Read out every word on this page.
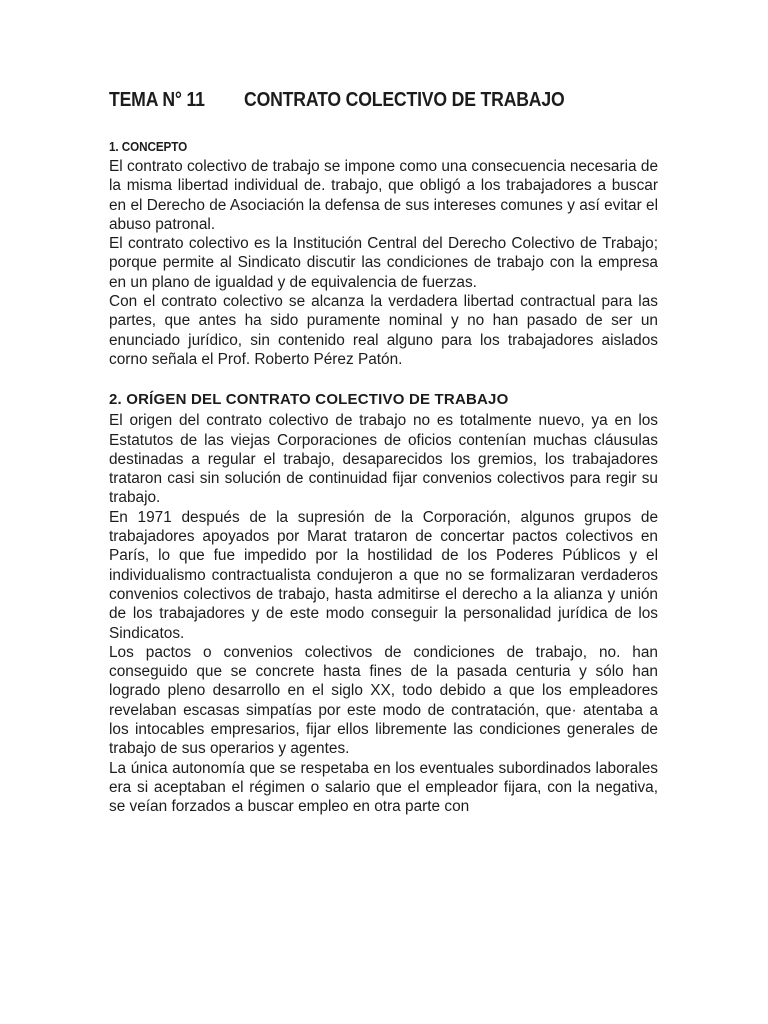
TEMA N° 11	CONTRATO COLECTIVO DE TRABAJO
1. CONCEPTO

El contrato colectivo de trabajo se impone como una consecuencia necesaria de la misma libertad individual de. trabajo, que obligó a los trabajadores a buscar en el Derecho de Asociación la defensa de sus intereses comunes y así evitar el abuso patronal.

El contrato colectivo es la Institución Central del Derecho Colectivo de Trabajo; porque permite al Sindicato discutir las condiciones de trabajo con la empresa en un plano de igualdad y de equivalencia de fuerzas.

Con el contrato colectivo se alcanza la verdadera libertad contractual para las partes, que antes ha sido puramente nominal y no han pasado de ser un enunciado jurídico, sin contenido real alguno para los trabajadores aislados corno señala el Prof. Roberto Pérez Patón.

2. ORÍGEN DEL CONTRATO COLECTIVO DE TRABAJO

El origen del contrato colectivo de trabajo no es totalmente nuevo, ya en los Estatutos de las viejas Corporaciones de oficios contenían muchas cláusulas destinadas a regular el trabajo, desaparecidos los gremios, los trabajadores trataron casi sin solución de continuidad fijar convenios colectivos para regir su trabajo.

En 1971 después de la supresión de la Corporación, algunos grupos de trabajadores apoyados por Marat trataron de concertar pactos colectivos en París, lo que fue impedido por la hostilidad de los Poderes Públicos y el individualismo contractualista condujeron a que no se formalizaran verdaderos convenios colectivos de trabajo, hasta admitirse el derecho a la alianza y unión de los trabajadores y de este modo conseguir la personalidad jurídica de los Sindicatos.

Los pactos o convenios colectivos de condiciones de trabajo, no. han conseguido que se concrete hasta fines de la pasada centuria y sólo han logrado pleno desarrollo en el siglo XX, todo debido a que los empleadores revelaban escasas simpatías por este modo de contratación, que· atentaba a los intocables empresarios, fijar ellos libremente las condiciones generales de trabajo de sus operarios y agentes.

La única autonomía que se respetaba en los eventuales subordinados laborales era si aceptaban el régimen o salario que el empleador fijara, con la negativa, se veían forzados a buscar empleo en otra parte con
